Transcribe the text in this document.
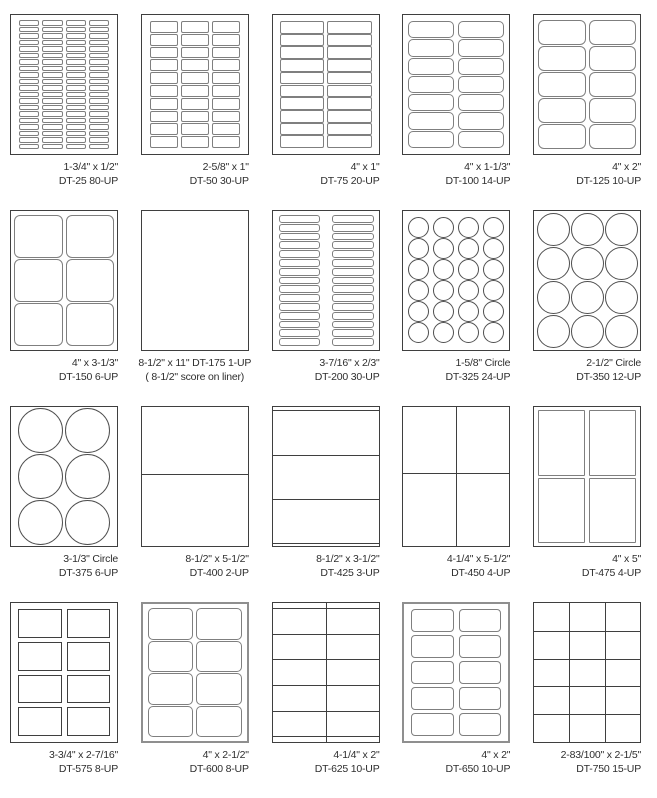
1-3/4" x 1/2"
DT-25 80-UP
2-5/8" x 1"
DT-50 30-UP
4" x 1"
DT-75 20-UP
4" x 1-1/3"
DT-100 14-UP
4" x 2"
DT-125 10-UP
4" x 3-1/3"
DT-150 6-UP
8-1/2" x 11" DT-175 1-UP
( 8-1/2" score on liner)
3-7/16" x 2/3"
DT-200 30-UP
1-5/8" Circle
DT-325 24-UP
2-1/2" Circle
DT-350 12-UP
3-1/3" Circle
DT-375 6-UP
8-1/2" x 5-1/2"
DT-400 2-UP
8-1/2" x 3-1/2"
DT-425 3-UP
4-1/4" x 5-1/2"
DT-450 4-UP
4" x 5"
DT-475 4-UP
3-3/4" x 2-7/16"
DT-575 8-UP
4" x 2-1/2"
DT-600 8-UP
4-1/4" x 2"
DT-625 10-UP
4" x 2"
DT-650 10-UP
2-83/100" x 2-1/5"
DT-750 15-UP
